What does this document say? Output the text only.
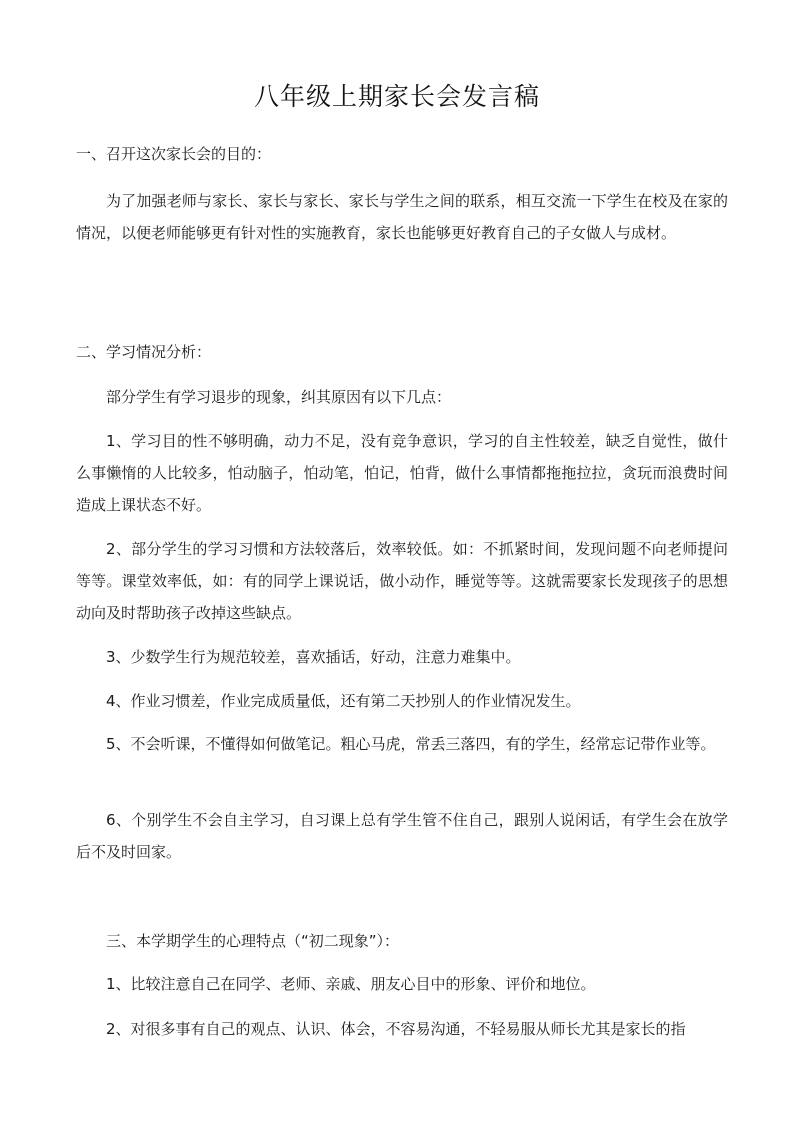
八年级上期家长会发言稿
一、召开这次家长会的目的：
为了加强老师与家长、家长与家长、家长与学生之间的联系，相互交流一下学生在校及在家的情况，以便老师能够更有针对性的实施教育，家长也能够更好教育自己的子女做人与成材。
二、学习情况分析：
部分学生有学习退步的现象，纠其原因有以下几点：
1、学习目的性不够明确，动力不足，没有竞争意识，学习的自主性较差，缺乏自觉性，做什么事懒惰的人比较多，怕动脑子，怕动笔，怕记，怕背，做什么事情都拖拖拉拉，贪玩而浪费时间造成上课状态不好。
2、部分学生的学习习惯和方法较落后，效率较低。如：不抓紧时间，发现问题不向老师提问等等。课堂效率低，如：有的同学上课说话，做小动作，睡觉等等。这就需要家长发现孩子的思想动向及时帮助孩子改掉这些缺点。
3、少数学生行为规范较差，喜欢插话，好动，注意力难集中。
4、作业习惯差，作业完成质量低，还有第二天抄别人的作业情况发生。
5、不会听课，不懂得如何做笔记。粗心马虎，常丢三落四，有的学生，经常忘记带作业等。
6、个别学生不会自主学习，自习课上总有学生管不住自己，跟别人说闲话，有学生会在放学后不及时回家。
三、本学期学生的心理特点（“初二现象”）：
1、比较注意自己在同学、老师、亲戚、朋友心目中的形象、评价和地位。
2、对很多事有自己的观点、认识、体会，不容易沟通，不轻易服从师长尤其是家长的指
